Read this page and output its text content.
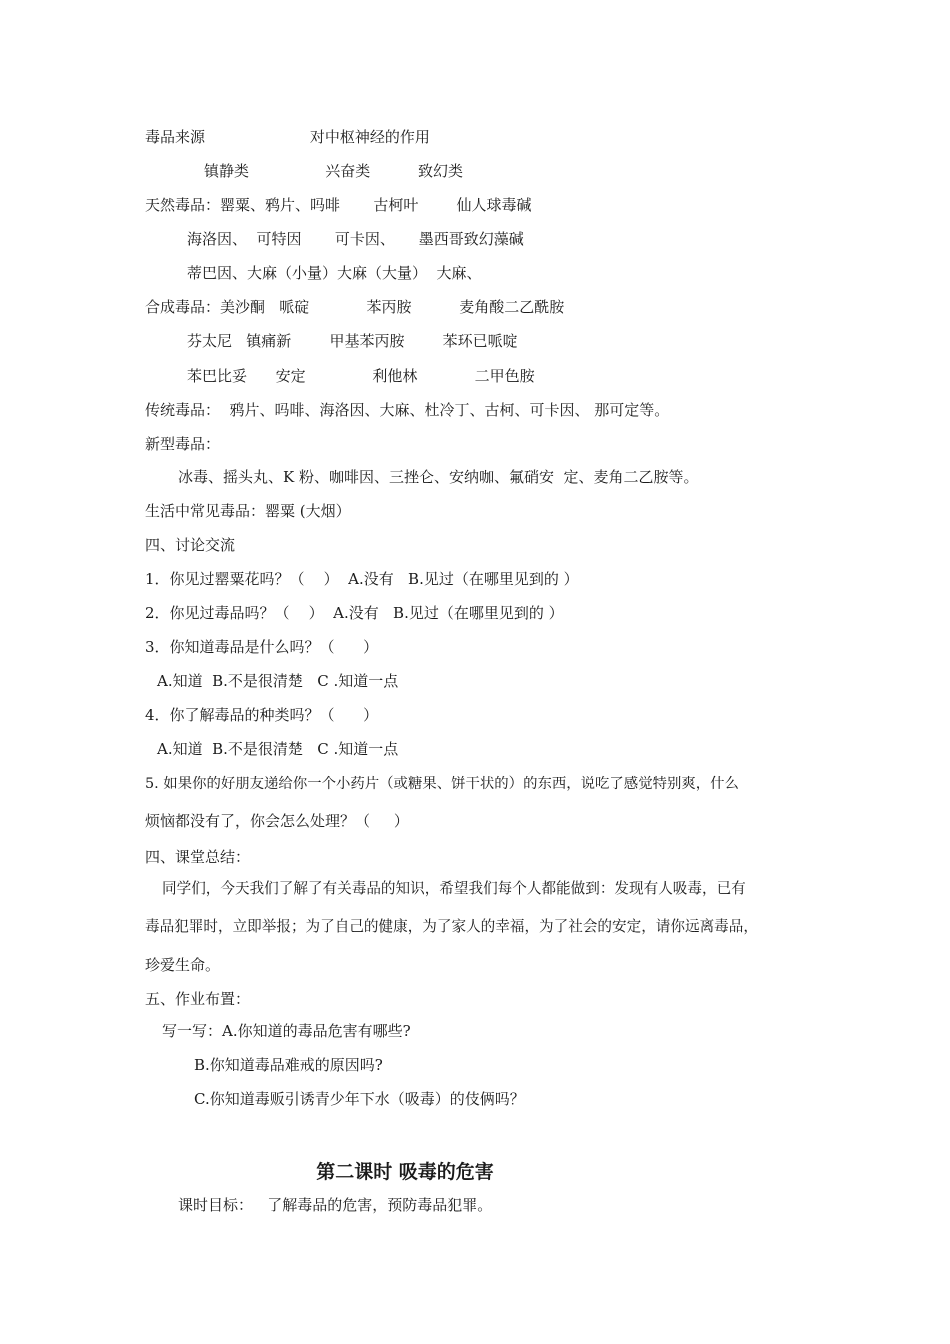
毒品来源                      对中枢神经的作用
镇静类                兴奋类          致幻类
天然毒品：罂粟、鸦片、吗啡       古柯叶        仙人球毒碱
海洛因、  可特因       可卡因、     墨西哥致幻藻碱
蒂巴因、大麻（小量）大麻（大量）  大麻、
合成毒品：美沙酮   哌碇            苯丙胺          麦角酸二乙酰胺
芬太尼   镇痛新        甲基苯丙胺        苯环已哌啶
苯巴比妥      安定              利他林            二甲色胺
传统毒品：  鸦片、吗啡、海洛因、大麻、杜冷丁、古柯、可卡因、 那可定等。
新型毒品：
冰毒、摇头丸、K 粉、咖啡因、三挫仑、安纳咖、氟硝安  定、麦角二乙胺等。
生活中常见毒品：罂粟 (大烟）
四、讨论交流
1．你见过罂粟花吗？（    ）  A.没有   B.见过（在哪里见到的 ）
2．你见过毒品吗？（    ）  A.没有   B.见过（在哪里见到的 ）
3．你知道毒品是什么吗？（      ）
A.知道  B.不是很清楚   C .知道一点
4．你了解毒品的种类吗？（      ）
A.知道  B.不是很清楚   C .知道一点
5. 如果你的好朋友递给你一个小药片（或糖果、饼干状的）的东西，说吃了感觉特别爽，什么
烦恼都没有了，你会怎么处理？（     ）
四、课堂总结：
同学们，今天我们了解了有关毒品的知识，希望我们每个人都能做到：发现有人吸毒，已有
毒品犯罪时，立即举报；为了自己的健康，为了家人的幸福，为了社会的安定，请你远离毒品，
珍爱生命。
五、作业布置：
写一写：A.你知道的毒品危害有哪些?
B.你知道毒品难戒的原因吗?
C.你知道毒贩引诱青少年下水（吸毒）的伎俩吗？
第二课时 吸毒的危害
课时目标：   了解毒品的危害，预防毒品犯罪。
